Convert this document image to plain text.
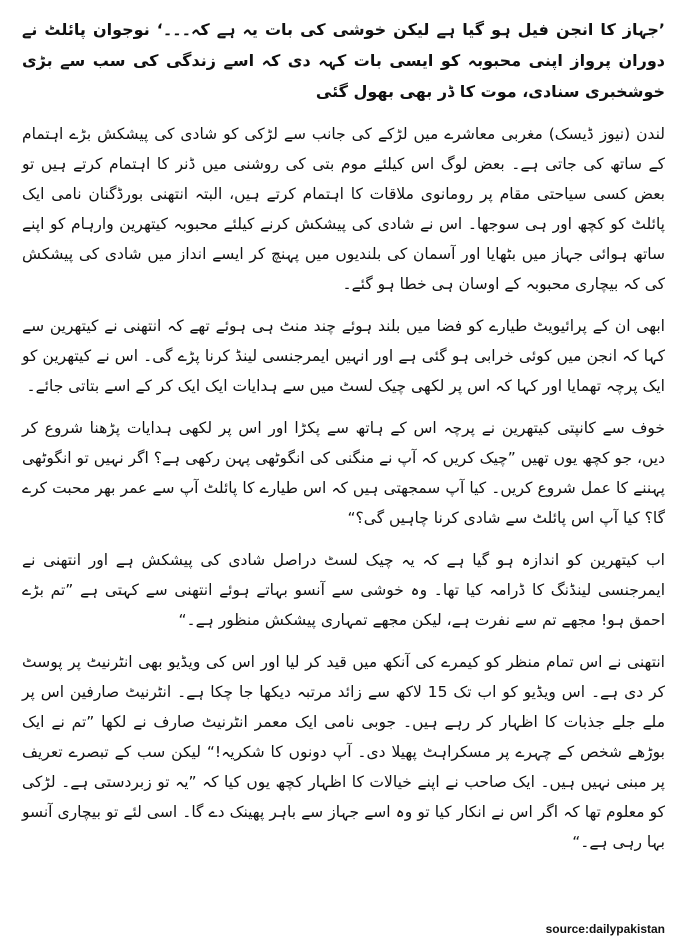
’جہاز کا انجن فیل ہو گیا ہے لیکن خوشی کی بات یہ ہے کہ۔۔۔‘ نوجوان پائلٹ نے دوران پرواز اپنی محبوبہ کو ایسی بات کہہ دی کہ اسے زندگی کی سب سے بڑی خوشخبری سنادی، موت کا ڈر بھی بھول گئی

لندن (نیوز ڈیسک) مغربی معاشرے میں لڑکے کی جانب سے لڑکی کو شادی کی پیشکش بڑے اہتمام کے ساتھ کی جاتی ہے۔ بعض لوگ اس کیلئے موم بتی کی روشنی میں ڈنر کا اہتمام کرتے ہیں تو بعض کسی سیاحتی مقام پر رومانوی ملاقات کا اہتمام کرتے ہیں، البتہ انتھنی بورڈگنان نامی ایک پائلٹ کو کچھ اور ہی سوجھا۔ اس نے شادی کی پیشکش کرنے کیلئے محبوبہ کیتھرین وارہام کو اپنے ساتھ ہوائی جہاز میں بٹھایا اور آسمان کی بلندیوں میں پہنچ کر ایسے انداز میں شادی کی پیشکش کی کہ بیچاری محبوبہ کے اوسان ہی خطا ہو گئے۔

ابھی ان کے پرائیویٹ طیارے کو فضا میں بلند ہوئے چند منٹ ہی ہوئے تھے کہ انتھنی نے کیتھرین سے کہا کہ انجن میں کوئی خرابی ہو گئی ہے اور انہیں ایمرجنسی لینڈ کرنا پڑے گی۔ اس نے کیتھرین کو ایک پرچہ تھمایا اور کہا کہ اس پر لکھی چیک لسٹ میں سے ہدایات ایک ایک کر کے اسے بتاتی جائے۔

خوف سے کانپتی کیتھرین نے پرچہ اس کے ہاتھ سے پکڑا اور اس پر لکھی ہدایات پڑھنا شروع کر دیں، جو کچھ یوں تھیں ”چیک کریں کہ آپ نے منگنی کی انگوٹھی پہن رکھی ہے؟ اگر نہیں تو انگوٹھی پہننے کا عمل شروع کریں۔ کیا آپ سمجھتی ہیں کہ اس طیارے کا پائلٹ آپ سے عمر بھر محبت کرے گا؟ کیا آپ اس پائلٹ سے شادی کرنا چاہیں گی؟“

اب کیتھرین کو اندازہ ہو گیا ہے کہ یہ چیک لسٹ دراصل شادی کی پیشکش ہے اور انتھنی نے ایمرجنسی لینڈنگ کا ڈرامہ کیا تھا۔ وہ خوشی سے آنسو بہاتے ہوئے انتھنی سے کہتی ہے ”تم بڑے احمق ہو! مجھے تم سے نفرت ہے، لیکن مجھے تمہاری پیشکش منظور ہے۔“

انتھنی نے اس تمام منظر کو کیمرے کی آنکھ میں قید کر لیا اور اس کی ویڈیو بھی انٹرنیٹ پر پوسٹ کر دی ہے۔ اس ویڈیو کو اب تک 15 لاکھ سے زائد مرتبہ دیکھا جا چکا ہے۔ انٹرنیٹ صارفین اس پر ملے جلے جذبات کا اظہار کر رہے ہیں۔ جوبی نامی ایک معمر انٹرنیٹ صارف نے لکھا ”تم نے ایک بوڑھے شخص کے چہرے پر مسکراہٹ پھیلا دی۔ آپ دونوں کا شکریہ!“ لیکن سب کے تبصرے تعریف پر مبنی نہیں ہیں۔ ایک صاحب نے اپنے خیالات کا اظہار کچھ یوں کیا کہ ”یہ تو زبردستی ہے۔ لڑکی کو معلوم تھا کہ اگر اس نے انکار کیا تو وہ اسے جہاز سے باہر پھینک دے گا۔ اسی لئے تو بیچاری آنسو بہا رہی ہے۔“

source:dailypakistan
